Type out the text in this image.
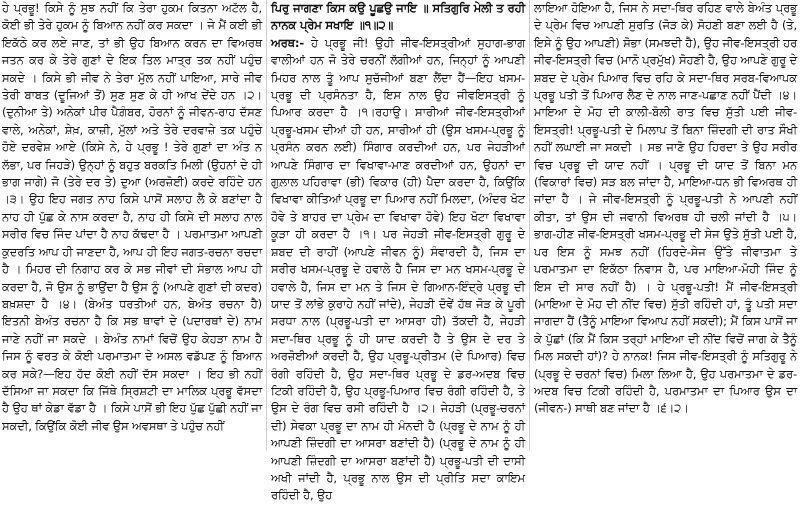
ਹੇ ਪ੍ਰਭੂ! ਕਿਸੇ ਨੂੰ ਸੁਝ ਨਹੀਂ ਕਿ ਤੇਰਾ ਹੁਕਮ ਕਿਤਨਾ ਅਟੱਲ ਹੈ, ਕੋਈ ਭੀ ਤੇਰੇ ਹੁਕਮ ਨੂੰ ਬਿਆਨ ਨਹੀਂ ਕਰ ਸਕਦਾ । ਜੇ ਮੈਂ ਕਈ ਭੀ ਇਕੱਠੇ ਕਰ ਲਏ ਜਾਣ, ਤਾਂ ਭੀ ਉਹ ਬਿਆਨ ਕਰਨ ਦਾ ਵਿਅਰਥ ਜਤਨ ਕਰ ਕੇ ਤੇਰੇ ਗੁਣਾਂ ਦੇ ਇਕ ਤਿਲ ਮਾਤ੍ਰ ਤਕ ਨਹੀਂ ਪਹੁੰਚ ਸਕਦੇ । ਕਿਸੇ ਭੀ ਜੀਵ ਨੇ ਤੇਰਾ ਮੁੱਲ ਨਹੀਂ ਪਾਇਆ, ਸਾਰੇ ਜੀਵ ਤੇਰੀ ਬਾਬਤ (ਦੂਜਿਆਂ ਤੋਂ) ਸੁਣ ਸੁਣ ਕੇ ਹੀ ਆਖ ਦੇਂਦੇ ਹਨ ।੨। (ਦੁਨੀਆ ਤੇ) ਅਨੇਕਾਂ ਪੀਰ ਪੈਗ਼ੰਬਰ, ਹੋਰਨਾਂ ਨੂੰ ਜੀਵਨ-ਰਾਹ ਦੱਸਣ ਵਾਲੇ, ਅਨੇਕਾਂ, ਸ਼ੇਖ਼, ਕਾਜ਼ੀ, ਮੁੱਲਾਂ ਅਤੇ ਤੇਰੇ ਦਰਵਾਜ਼ੇ ਤਕ ਪਹੁੰਚੇ ਹੋਏ ਦਰਵੇਸ਼ ਆਏ (ਕਿਸੇ ਨੇ, ਹੇ ਪ੍ਰਭੂ ! ਤੇਰੇ ਗੁਣਾਂ ਦਾ ਅੰਤ ਨ ਲੱਭਾ, ਪਰ ਜਿਹੜੇ) ਉਨ੍ਹਾਂ ਨੂੰ ਬਹੁਤ ਬਰਕਤਿ ਮਿਲੀ (ਉਹਨਾਂ ਦੇ ਹੀ ਭਾਗ ਜਾਗੇ) ਜੋ (ਤੇਰੇ ਦਰ ਤੇ) ਦੁਆ (ਅਰਜ਼ੋਈ) ਕਰਦੇ ਰਹਿੰਦੇ ਹਨ ।੩। ਉਹ ਇਹ ਜਗਤ ਨਾਹ ਕਿਸੇ ਪਾਸੋਂ ਸਲਾਹ ਲੈ ਕੇ ਬਣਾਂਦਾ ਹੈ ਨਾਹ ਹੀ ਪੁੱਛ ਕੇ ਨਾਸ ਕਰਦਾ ਹੈ, ਨਾਹ ਹੀ ਕਿਸੇ ਦੀ ਸਲਾਹ ਨਾਲ ਸਰੀਰ ਵਿਚ ਜਿੰਦ ਪਾਂਦਾ ਹੈ ਨਾਹ ਕੱਢਦਾ ਹੈ । ਪਰਮਾਤਮਾ ਆਪਣੀ ਕੁਦਰਤਿ ਆਪ ਹੀ ਜਾਣਦਾ ਹੈ, ਆਪ ਹੀ ਇਹ ਜਗਤ-ਰਚਨਾ ਰਚਦਾ ਹੈ । ਮਿਹਰ ਦੀ ਨਿਗਾਹ ਕਰ ਕੇ ਸਭ ਜੀਵਾਂ ਦੀ ਸੰਭਾਲ ਆਪ ਹੀ ਕਰਦਾ ਹੈ, ਜੋ ਉਸ ਨੂੰ ਭਾਉਂਦਾ ਹੈ ਉਸ ਨੂੰ (ਆਪਣੇ ਗੁਣਾਂ ਦੀ ਕਦਰ) ਬਖ਼ਸ਼ਦਾ ਹੈ ।੪। (ਬੇਅੰਤ ਧਰਤੀਆਂ ਹਨ, ਬੇਅੰਤ ਰਚਨਾ ਹੈ) ਇਤਨੀ ਬੇਅੰਤ ਰਚਨਾ ਹੈ ਕਿ ਸਭ ਥਾਵਾਂ ਦੇ (ਪਦਾਰਥਾਂ ਦੇ) ਨਾਮ ਜਾਣੇ ਨਹੀਂ ਜਾ ਸਕਦੇ । ਬੇਅੰਤ ਨਾਮਾਂ ਵਿਚੋਂ ਉਹ ਕੇਹੜਾ ਨਾਮ ਹੈ ਜਿਸ ਨੂੰ ਵਰਤ ਕੇ ਕੋਈ ਪਰਮਾਤਮਾ ਦੇ ਅਸਲ ਵਡੱਪਣ ਨੂੰ ਬਿਆਨ ਕਰ ਸਕੇ?—ਇਹ ਹੱਦ ਕੋਈ ਨਹੀਂ ਦੱਸ ਸਕਦਾ । ਇਹ ਭੀ ਨਹੀਂ ਦੱਸਿਆ ਜਾ ਸਕਦਾ ਕਿ ਜਿੱਥੇ ਸ੍ਰਿਸ਼ਟੀ ਦਾ ਮਾਲਿਕ ਪ੍ਰਭੂ ਵੱਸਦਾ ਹੈ ਉਹ ਥਾਂ ਕੇਡਾ ਵੱਡਾ ਹੈ । ਕਿਸੇ ਪਾਸੋਂ ਭੀ ਇਹ ਪੁੱਛ ਪੁੱਛੀ ਨਹੀਂ ਜਾ ਸਕਦੀ, ਕਿਉਂਕਿ ਕੋਈ ਜੀਵ ਉਸ ਅਵਸਥਾ ਤੇ ਪਹੁੰਚ ਨਹੀਂ

ਪਿਰੁ ਜਾਗਣਾ ਕਿਸ ਕਉ ਪੂਛਉ ਜਾਇ ॥ ਸਤਿਗੁਰਿ ਮੇਲੀ ਤ ਰਹੀ ਨਾਨਕ ਪ੍ਰੇਮ ਸਖਾਇ ॥੧॥੨॥

ਅਰਥ:- ਹੇ ਪ੍ਰਭੂ ਜੀ! ਉਹੀ ਜੀਵ-ਇਸਤ੍ਰੀਆਂ ਸੁਹਾਗ-ਭਾਗ ਵਾਲੀਆਂ ਹਨ ਜੋ ਤੇਰੇ ਚਰਨੀਂ ਲੱਗੀਆਂ ਹਨ, ਜਿਨ੍ਹਾਂ ਨੂੰ ਆਪਣੀ ਮਿਹਰ ਨਾਲ ਤੂੰ ਆਪ ਸੁਚੱਜੀਆਂ ਬਣਾ ਲੈਂਦਾ ਹੈਂ—ਇਹ ਖਸਮ-ਪ੍ਰਭੂ ਦੀ ਪ੍ਰਸੰਨਤਾ ਹੈ, ਇਸ ਨਾਲ ਉਹ ਜੀਵਇਸਤ੍ਰੀ ਨੂੰ ਪਿਆਰ ਕਰਦਾ ਹੈ ।੧।ਰਹਾਉ। ਸਾਰੀਆਂ ਜੀਵ-ਇਸਤ੍ਰੀਆਂ ਪ੍ਰਭੂ-ਖਸਮ ਦੀਆਂ ਹੀ ਹਨ, ਸਾਰੀਆਂ ਹੀ (ਉਸ ਖਸਮ-ਪ੍ਰਭੂ ਨੂੰ ਪ੍ਰਸੰਨ ਕਰਨ ਲਈ) ਸਿੰਗਾਰ ਕਰਦੀਆਂ ਹਨ, ਪਰ ਜੇਹੜੀਆਂ ਆਪਣੇ ਸਿੰਗਾਰ ਦਾ ਵਿਖਾਵਾ-ਮਾਣ ਕਰਦੀਆਂ ਹਨ, ਉਹਨਾਂ ਦਾ ਗੁਲ਼ਾਲ ਪਹਿਰਾਵਾ (ਭੀ) ਵਿਕਾਰ (ਹੀ) ਪੈਦਾ ਕਰਦਾ ਹੈ, ਕਿਉਂਕਿ ਵਿਖਾਵਾ ਕੀਤਿਆਂ ਪ੍ਰਭੂ ਦਾ ਪਿਆਰ ਨਹੀਂ ਮਿਲਦਾ, (ਅੰਦਰ ਖੋਟ ਹੋਵੇ ਤੇ ਬਾਹਰ ਦਾ ਪ੍ਰੇਮ ਦਾ ਵਿਖਾਵਾ ਹੋਵੇ) ਇਹ ਖੋਟਾ ਵਿਖਾਵਾ ਕੂੜਾ ਹੀ ਕਰਦਾ ਹੈ ।੧। ਪਰ ਜੇਹੜੀ ਜੀਵ-ਇਸਤ੍ਰੀ ਗੁਰੂ ਦੇ ਸ਼ਬਦ ਦੀ ਰਾਹੀਂ (ਆਪਣੇ ਜੀਵਨ ਨੂੰ) ਸੰਵਾਰਦੀ ਹੈ, ਜਿਸ ਦਾ ਸਰੀਰ ਖਸਮ-ਪ੍ਰਭੂ ਦੇ ਹਵਾਲੇ ਹੈ ਜਿਸ ਦਾ ਮਨ ਖਸਮ-ਪ੍ਰਭੂ ਦੇ ਹਵਾਲੇ ਹੈ, ਜਿਸ ਦਾ ਮਨ ਤੇ ਜਿਸ ਦੇ ਗਿਆਨ-ਇੰਦ੍ਰੇ ਪ੍ਰਭੂ ਦੀ ਯਾਦ ਤੋਂ ਲਾਂਭੇ ਕੁਰਾਹੇ ਨਹੀਂ ਜਾਂਦੇ), ਜੇਹੜੀ ਦੋਵੇਂ ਹੱਥ ਜੋੜ ਕੇ ਪੂਰੀ ਸਰਧਾ ਨਾਲ (ਪ੍ਰਭੂ-ਪਤੀ ਦਾ ਆਸਰਾ ਹੀ) ਤੱਕਦੀ ਹੈ, ਜੇਹੜੀ ਸਦਾ-ਥਿਰ ਪ੍ਰਭੂ ਨੂੰ ਹੀ ਯਾਦ ਕਰਦੀ ਹੈ ਤੇ ਉਸ ਦੇ ਦਰ ਤੇ ਅਰਜ਼ੋਈਆਂ ਕਰਦੀ ਹੈ, ਉਹ ਪ੍ਰਭੂ-ਪ੍ਰੀਤਮ (ਦੇ ਪਿਆਰ) ਵਿਚ ਰੰਗੀ ਰਹਿੰਦੀ ਹੈ, ਉਹ ਸਦਾ-ਥਿਰ ਪ੍ਰਭੂ ਦੇ ਡਰ-ਅਦਬ ਵਿਚ ਟਿਕੀ ਰਹਿੰਦੀ ਹੈ, ਉਹ ਪ੍ਰਭੂ-ਪਿਆਰ ਵਿਚ ਰੰਗੀ ਰਹਿੰਦੀ ਹੈ, ਤੇ ਉਸ ਦੇ ਰੰਗ ਵਿਚ ਰਸੀ ਰਹਿੰਦੀ ਹੈ ।੨। ਜੇਹੜੀ (ਪ੍ਰਭੂ-ਚਰਨਾਂ ਦੀ) ਸੇਵਕਾ ਪ੍ਰਭੂ ਦਾ ਨਾਮ ਹੀ ਮੰਨਦੀ ਹੈ (ਪ੍ਰਭੂ ਦੇ ਨਾਮ ਨੂੰ ਹੀ ਆਪਣੀ ਜ਼ਿੰਦਗੀ ਦਾ ਆਸਰਾ ਬਣਾਂਦੀ ਹੈ) (ਪ੍ਰਭੂ ਦੇ ਨਾਮ ਨੂੰ ਹੀ ਆਪਣੀ ਜ਼ਿੰਦਗੀ ਦਾ ਆਸਰਾ ਬਣਾਂਦੀ ਹੈ) ਪ੍ਰਭੂ-ਪਤੀ ਦੀ ਦਾਸੀ ਅਖੀ ਜਾਂਦੀ ਹੈ, ਪ੍ਰਭੂ ਨਾਲ ਉਸ ਦੀ ਪ੍ਰੀਤਿ ਸਦਾ ਕਾਇਮ ਰਹਿੰਦੀ ਹੈ, ਉਹ

ਲਾਇਆ ਹੋਇਆ ਹੈ, ਜਿਸ ਨੇ ਸਦਾ-ਥਿਰ ਰਹਿਣ ਵਾਲੇ ਬੇਅੰਤ ਪ੍ਰਭੂ ਦੇ ਪ੍ਰੇਮ ਵਿਚ ਆਪਣੀ ਸੁਰਤਿ (ਜੋੜ ਕੇ) ਸੋਹਣੀ ਬਣਾ ਲਈ ਹੈ (ਤੇ, ਇਸੇ ਨੂੰ ਉਹ ਆਪਣੀ) ਸੋਭਾ (ਸਮਝਦੀ ਹੈ), ਉਹ ਜੀਵ-ਇਸਤ੍ਰੀ ਹਰ ਜੀਵ-ਇਸਤ੍ਰੀ ਵਿਚ (ਮਾਨੋ ਪ੍ਰਮੁੱਖ) ਸੋਹਣੀ ਹੈ, ਉਹ ਆਪਣੇ ਗੁਰੂ ਦੇ ਸ਼ਬਦ ਦੇ ਪ੍ਰੇਮ ਪਿਆਰ ਵਿਚ ਰਹਿ ਕੇ ਸਦਾ-ਥਿਰ ਸਰਬ-ਵਿਆਪਕ ਪ੍ਰਭੂ ਪਤੀ ਤੋਂ ਪਿਆਰ ਲੈਣ ਦੇ ਨਾਲ ਜਾਣ-ਪਛਾਣ ਨਹੀਂ ਪੈਂਦੀ ।੪। ਮਾਇਆ ਦੇ ਮੋਹ ਦੀ ਕਾਲੀ-ਬੋਲੀ ਰਾਤ ਵਿਚ ਸੁੱਤੀ ਪਈ ਜੀਵ-ਇਸਤ੍ਰੀ! ਪ੍ਰਭੂ-ਪਤੀ ਦੇ ਮਿਲਾਪ ਤੋਂ ਬਿਨਾ ਜ਼ਿੰਦਗੀ ਦੀ ਰਾਤ ਸੌਖੀ ਨਹੀਂ ਲਘਾਈ ਜਾ ਸਕਦੀ । ਸਭ ਜਾਣੋ ਉਹ ਹਿਰਦਾ ਤੇ ਉਹ ਸਰੀਰ ਵਿਚ ਪ੍ਰਭੂ ਦੀ ਯਾਦ ਨਹੀਂ । ਪ੍ਰਭੂ ਦੀ ਯਾਦ ਤੋਂ ਬਿਨਾ ਮਨ (ਵਿਕਾਰਾਂ ਵਿਚ) ਸੜ ਬਲ ਜਾਂਦਾ ਹੈ, ਮਾਇਆ-ਧਨ ਭੀ ਵਿਅਰਥ ਹੀ ਜਾਂਦਾ ਹੈ । ਜੇ ਜੀਵ-ਇਸਤ੍ਰੀ ਨੂੰ ਪ੍ਰਭੂ-ਪਤੀ ਨੇ ਆਪਣੀ ਨਹੀਂ ਕੀਤਾ, ਤਾਂ ਉਸ ਦੀ ਜਵਾਨੀ ਵਿਅਰਥ ਹੀ ਚਲੀ ਜਾਂਦੀ ਹੈ ।੫। ਭਾਗ-ਹੀਣ ਜੀਵ-ਇਸਤ੍ਰੀ ਖਸਮ-ਪ੍ਰਭੂ ਦੀ ਸੇਜ ਉਤੇ ਸੁੱਤੀ ਪਈ ਹੈ, ਪਰ ਇਸ ਨੂੰ ਸਮਝ ਨਹੀਂ (ਹਿਰਦੇ-ਸੇਜ ਉੱਤੇ ਜੀਵਾਤਮਾ ਤੇ ਪਰਮਾਤਮਾ ਦਾ ਇਕੱਠਾ ਨਿਵਾਸ ਹੈ, ਪਰ ਮਾਇਆ-ਮੋਹੀ ਜਿੰਦ ਨੂੰ ਇਸ ਦੀ ਸਾਰ ਨਹੀਂ ਹੈ) । ਹੇ ਪ੍ਰਭੂ-ਪਤੀ! ਮੈਂ ਜੀਵ-ਇਸਤ੍ਰੀ (ਮਾਇਆ ਦੇ ਮੋਹ ਦੀ ਨੀਂਦ ਵਿਚ) ਸੁੱਤੀ ਰਹਿੰਦੀ ਹਾਂ, ਤੂੰ ਪਤੀ ਸਦਾ ਜਾਗਦਾ ਹੈਂ (ਤੈਨੂੰ ਮਾਇਆ ਵਿਆਪ ਨਹੀਂ ਸਕਦੀ); ਮੈਂ ਕਿਸ ਪਾਸੋਂ ਜਾ ਕੇ ਪੁੱਛਾਂ (ਕਿ ਮੈਂ ਕਿਸ ਤਰ੍ਹਾਂ ਮਾਇਆ ਦੀ ਨੀਂਦ ਵਿਚੋਂ ਜਾਗ ਕੇ ਤੈਨੂੰ ਮਿਲ ਸਕਦੀ ਹਾਂ)? ਹੇ ਨਾਨਕ! ਜਿਸ ਜੀਵ-ਇਸਤ੍ਰੀ ਨੂੰ ਸਤਿਗੁਰੂ ਨੇ (ਪ੍ਰਭੂ ਦੇ ਚਰਨਾਂ ਵਿਚ) ਮਿਲਾ ਲਿਆ ਹੈ, ਉਹ ਪਰਮਾਤਮਾ ਦੇ ਡਰ-ਅਦਬ ਵਿਚ ਟਿਕੀ ਰਹਿੰਦੀ ਹੈ, ਪਰਮਾਤਮਾ ਦਾ ਪਿਆਰ ਉਸ ਦਾ (ਜੀਵਨ-) ਸਾਥੀ ਬਣ ਜਾਂਦਾ ਹੈ ।੬।੨।
